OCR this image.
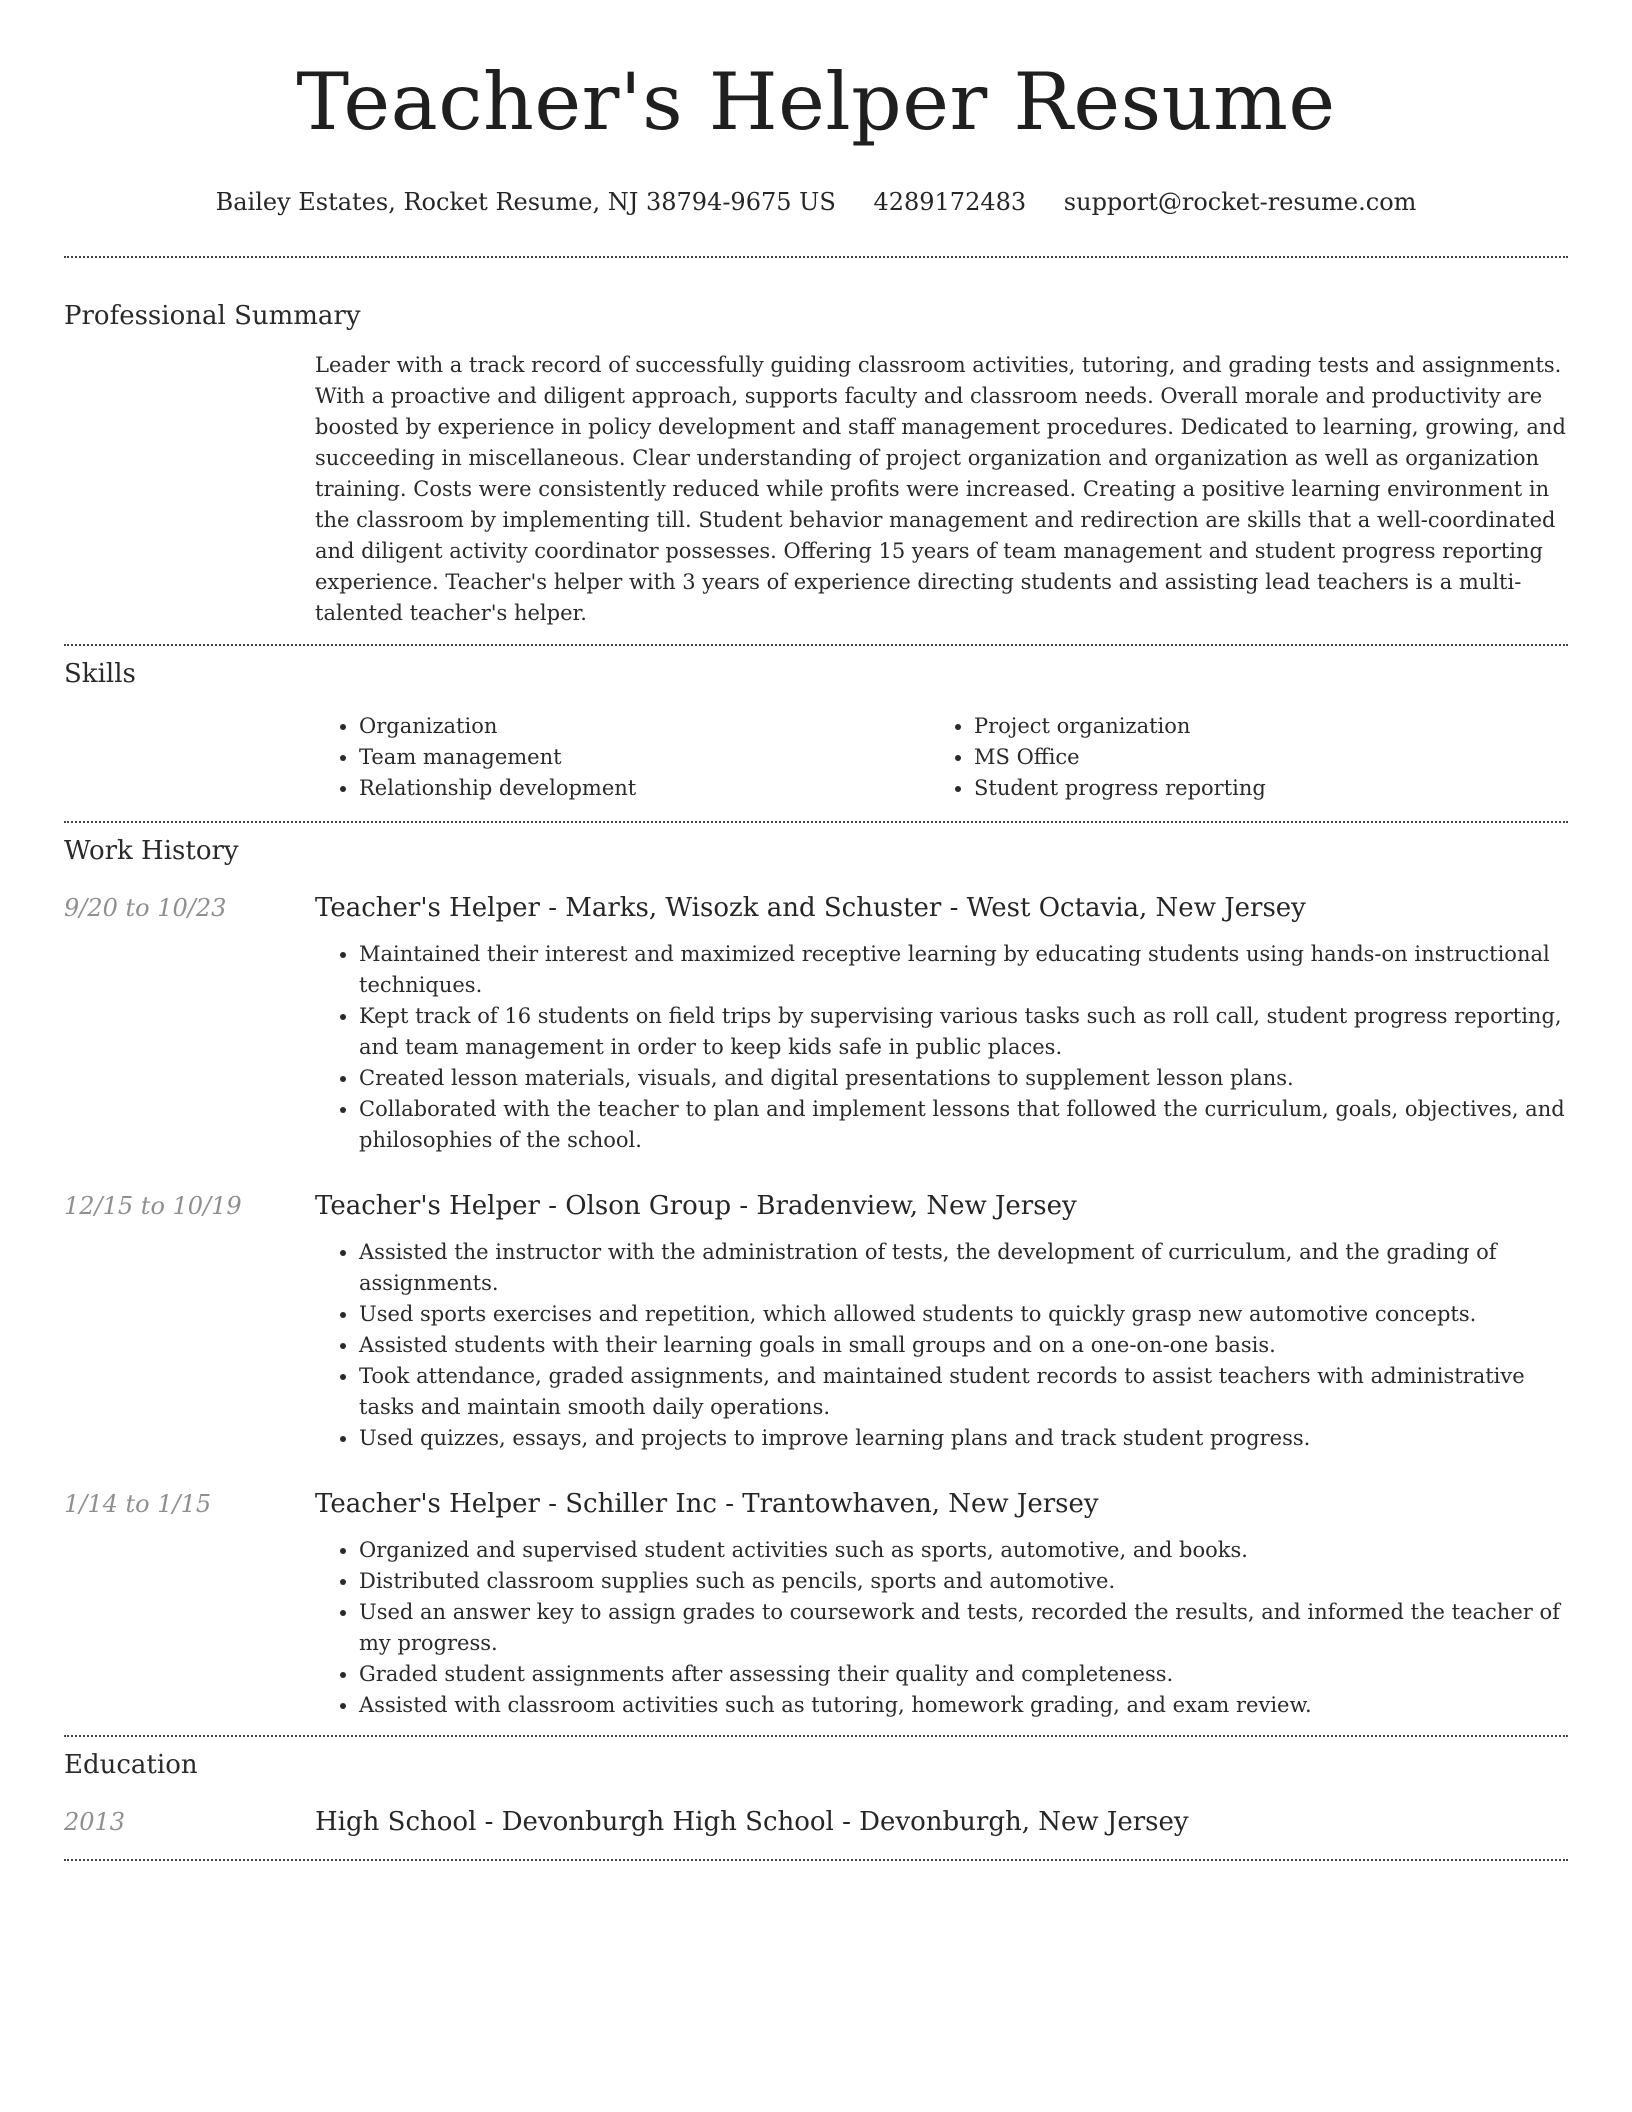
Teacher's Helper Resume
Bailey Estates, Rocket Resume, NJ 38794-9675 US 4289172483 support@rocket-resume.com
Professional Summary

Leader with a track record of successfully guiding classroom activities, tutoring, and grading tests and assignments. With a proactive and diligent approach, supports faculty and classroom needs. Overall morale and productivity are boosted by experience in policy development and staff management procedures. Dedicated to learning, growing, and succeeding in miscellaneous. Clear understanding of project organization and organization as well as organization training. Costs were consistently reduced while profits were increased. Creating a positive learning environment in the classroom by implementing till. Student behavior management and redirection are skills that a well-coordinated and diligent activity coordinator possesses. Offering 15 years of team management and student progress reporting experience. Teacher's helper with 3 years of experience directing students and assisting lead teachers is a multi-talented teacher's helper.

Skills
• Organization
• Team management
• Relationship development
• Project organization
• MS Office
• Student progress reporting
Work History
9/20 to 10/23	Teacher's Helper - Marks, Wisozk and Schuster - West Octavia, New Jersey
• Maintained their interest and maximized receptive learning by educating students using hands-on instructional techniques.
• Kept track of 16 students on field trips by supervising various tasks such as roll call, student progress reporting, and team management in order to keep kids safe in public places.
• Created lesson materials, visuals, and digital presentations to supplement lesson plans.
• Collaborated with the teacher to plan and implement lessons that followed the curriculum, goals, objectives, and philosophies of the school.
12/15 to 10/19	Teacher's Helper - Olson Group - Bradenview, New Jersey
• Assisted the instructor with the administration of tests, the development of curriculum, and the grading of assignments.
• Used sports exercises and repetition, which allowed students to quickly grasp new automotive concepts.
• Assisted students with their learning goals in small groups and on a one-on-one basis.
• Took attendance, graded assignments, and maintained student records to assist teachers with administrative tasks and maintain smooth daily operations.
• Used quizzes, essays, and projects to improve learning plans and track student progress.
1/14 to 1/15	Teacher's Helper - Schiller Inc - Trantowhaven, New Jersey
• Organized and supervised student activities such as sports, automotive, and books.
• Distributed classroom supplies such as pencils, sports and automotive.
• Used an answer key to assign grades to coursework and tests, recorded the results, and informed the teacher of my progress.
• Graded student assignments after assessing their quality and completeness.
• Assisted with classroom activities such as tutoring, homework grading, and exam review.
Education
2013	High School - Devonburgh High School - Devonburgh, New Jersey
